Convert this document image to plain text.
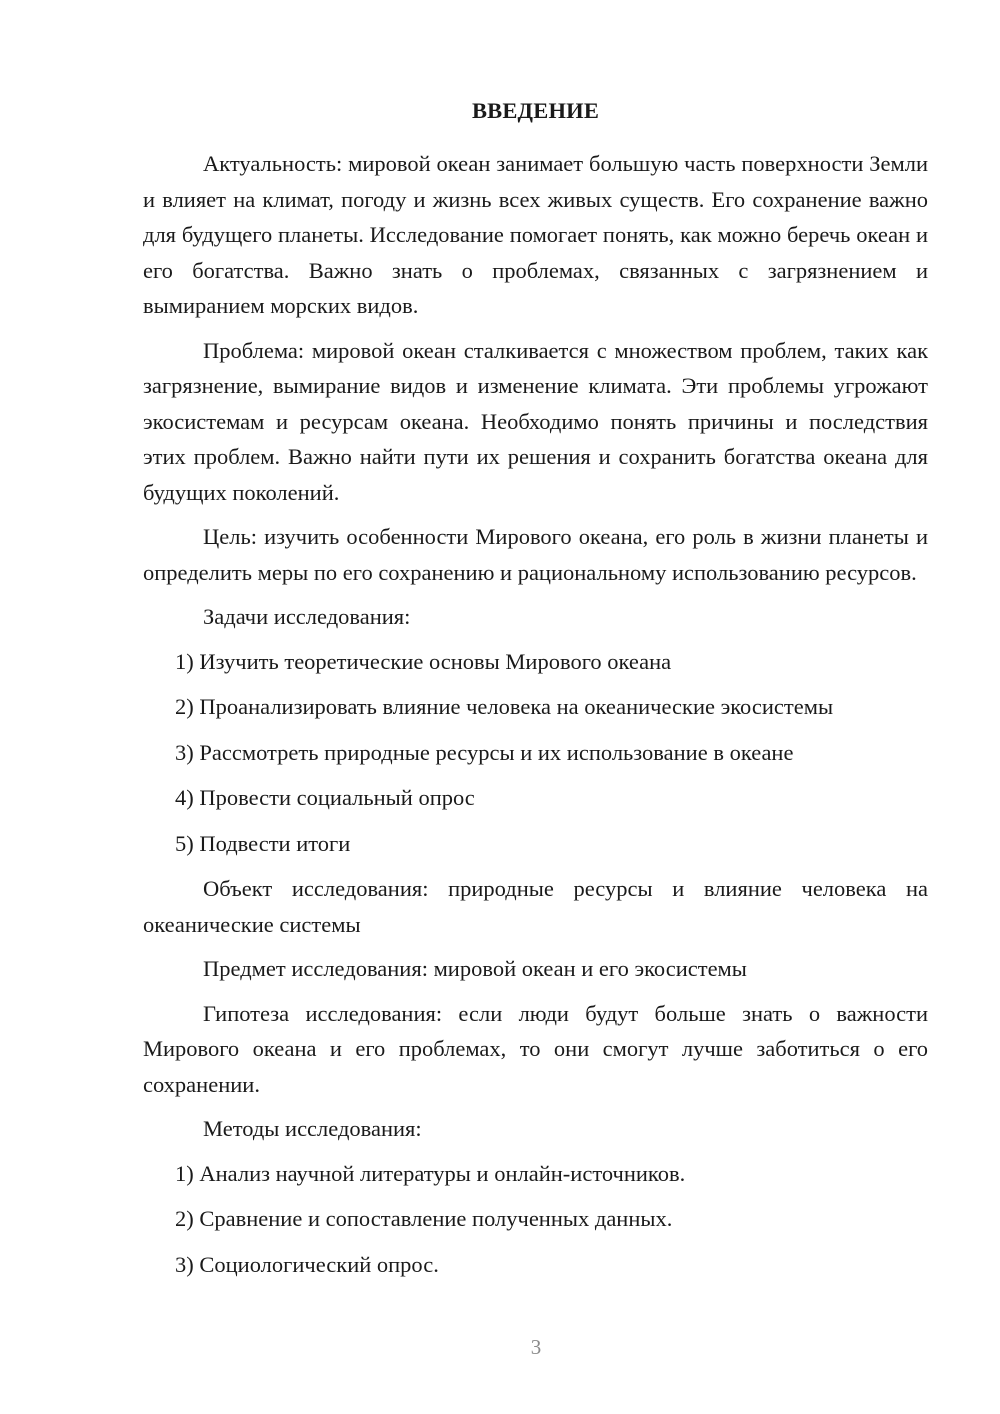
ВВЕДЕНИЕ

Актуальность: мировой океан занимает большую часть поверхности Земли и влияет на климат, погоду и жизнь всех живых существ. Его сохранение важно для будущего планеты. Исследование помогает понять, как можно беречь океан и его богатства. Важно знать о проблемах, связанных с загрязнением и вымиранием морских видов.

Проблема: мировой океан сталкивается с множеством проблем, таких как загрязнение, вымирание видов и изменение климата. Эти проблемы угрожают экосистемам и ресурсам океана. Необходимо понять причины и последствия этих проблем. Важно найти пути их решения и сохранить богатства океана для будущих поколений.

Цель: изучить особенности Мирового океана, его роль в жизни планеты и определить меры по его сохранению и рациональному использованию ресурсов.

Задачи исследования:

1) Изучить теоретические основы Мирового океана
2) Проанализировать влияние человека на океанические экосистемы
3) Рассмотреть природные ресурсы и их использование в океане
4) Провести социальный опрос
5) Подвести итоги

Объект исследования: природные ресурсы и влияние человека на океанические системы

Предмет исследования: мировой океан и его экосистемы

Гипотеза исследования: если люди будут больше знать о важности Мирового океана и его проблемах, то они смогут лучше заботиться о его сохранении.

Методы исследования:

1) Анализ научной литературы и онлайн-источников.
2) Сравнение и сопоставление полученных данных.
3) Социологический опрос.
3
